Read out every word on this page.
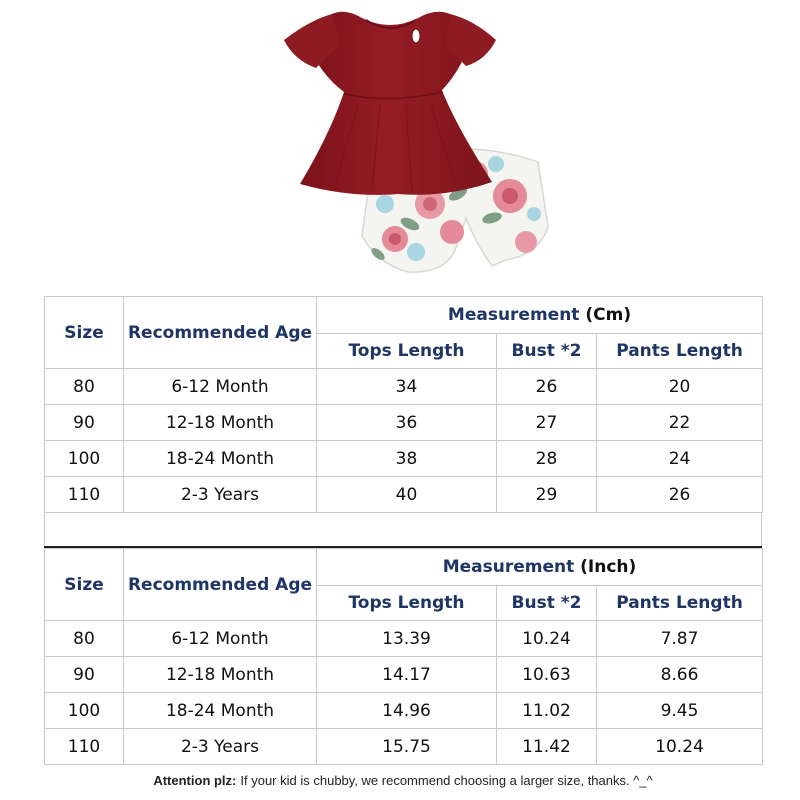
Size	Recommended Age	Measurement (Cm)		
		Tops Length	Bust *2	Pants Length
80	6-12 Month	34	26	20
90	12-18 Month	36	27	22
100	18-24 Month	38	28	24
110	2-3 Years	40	29	26
Size	Recommended Age	Measurement (Inch)		
		Tops Length	Bust *2	Pants Length
80	6-12 Month	13.39	10.24	7.87
90	12-18 Month	14.17	10.63	8.66
100	18-24 Month	14.96	11.02	9.45
110	2-3 Years	15.75	11.42	10.24
Attention plz: If your kid is chubby, we recommend choosing a larger size, thanks. ^_^
